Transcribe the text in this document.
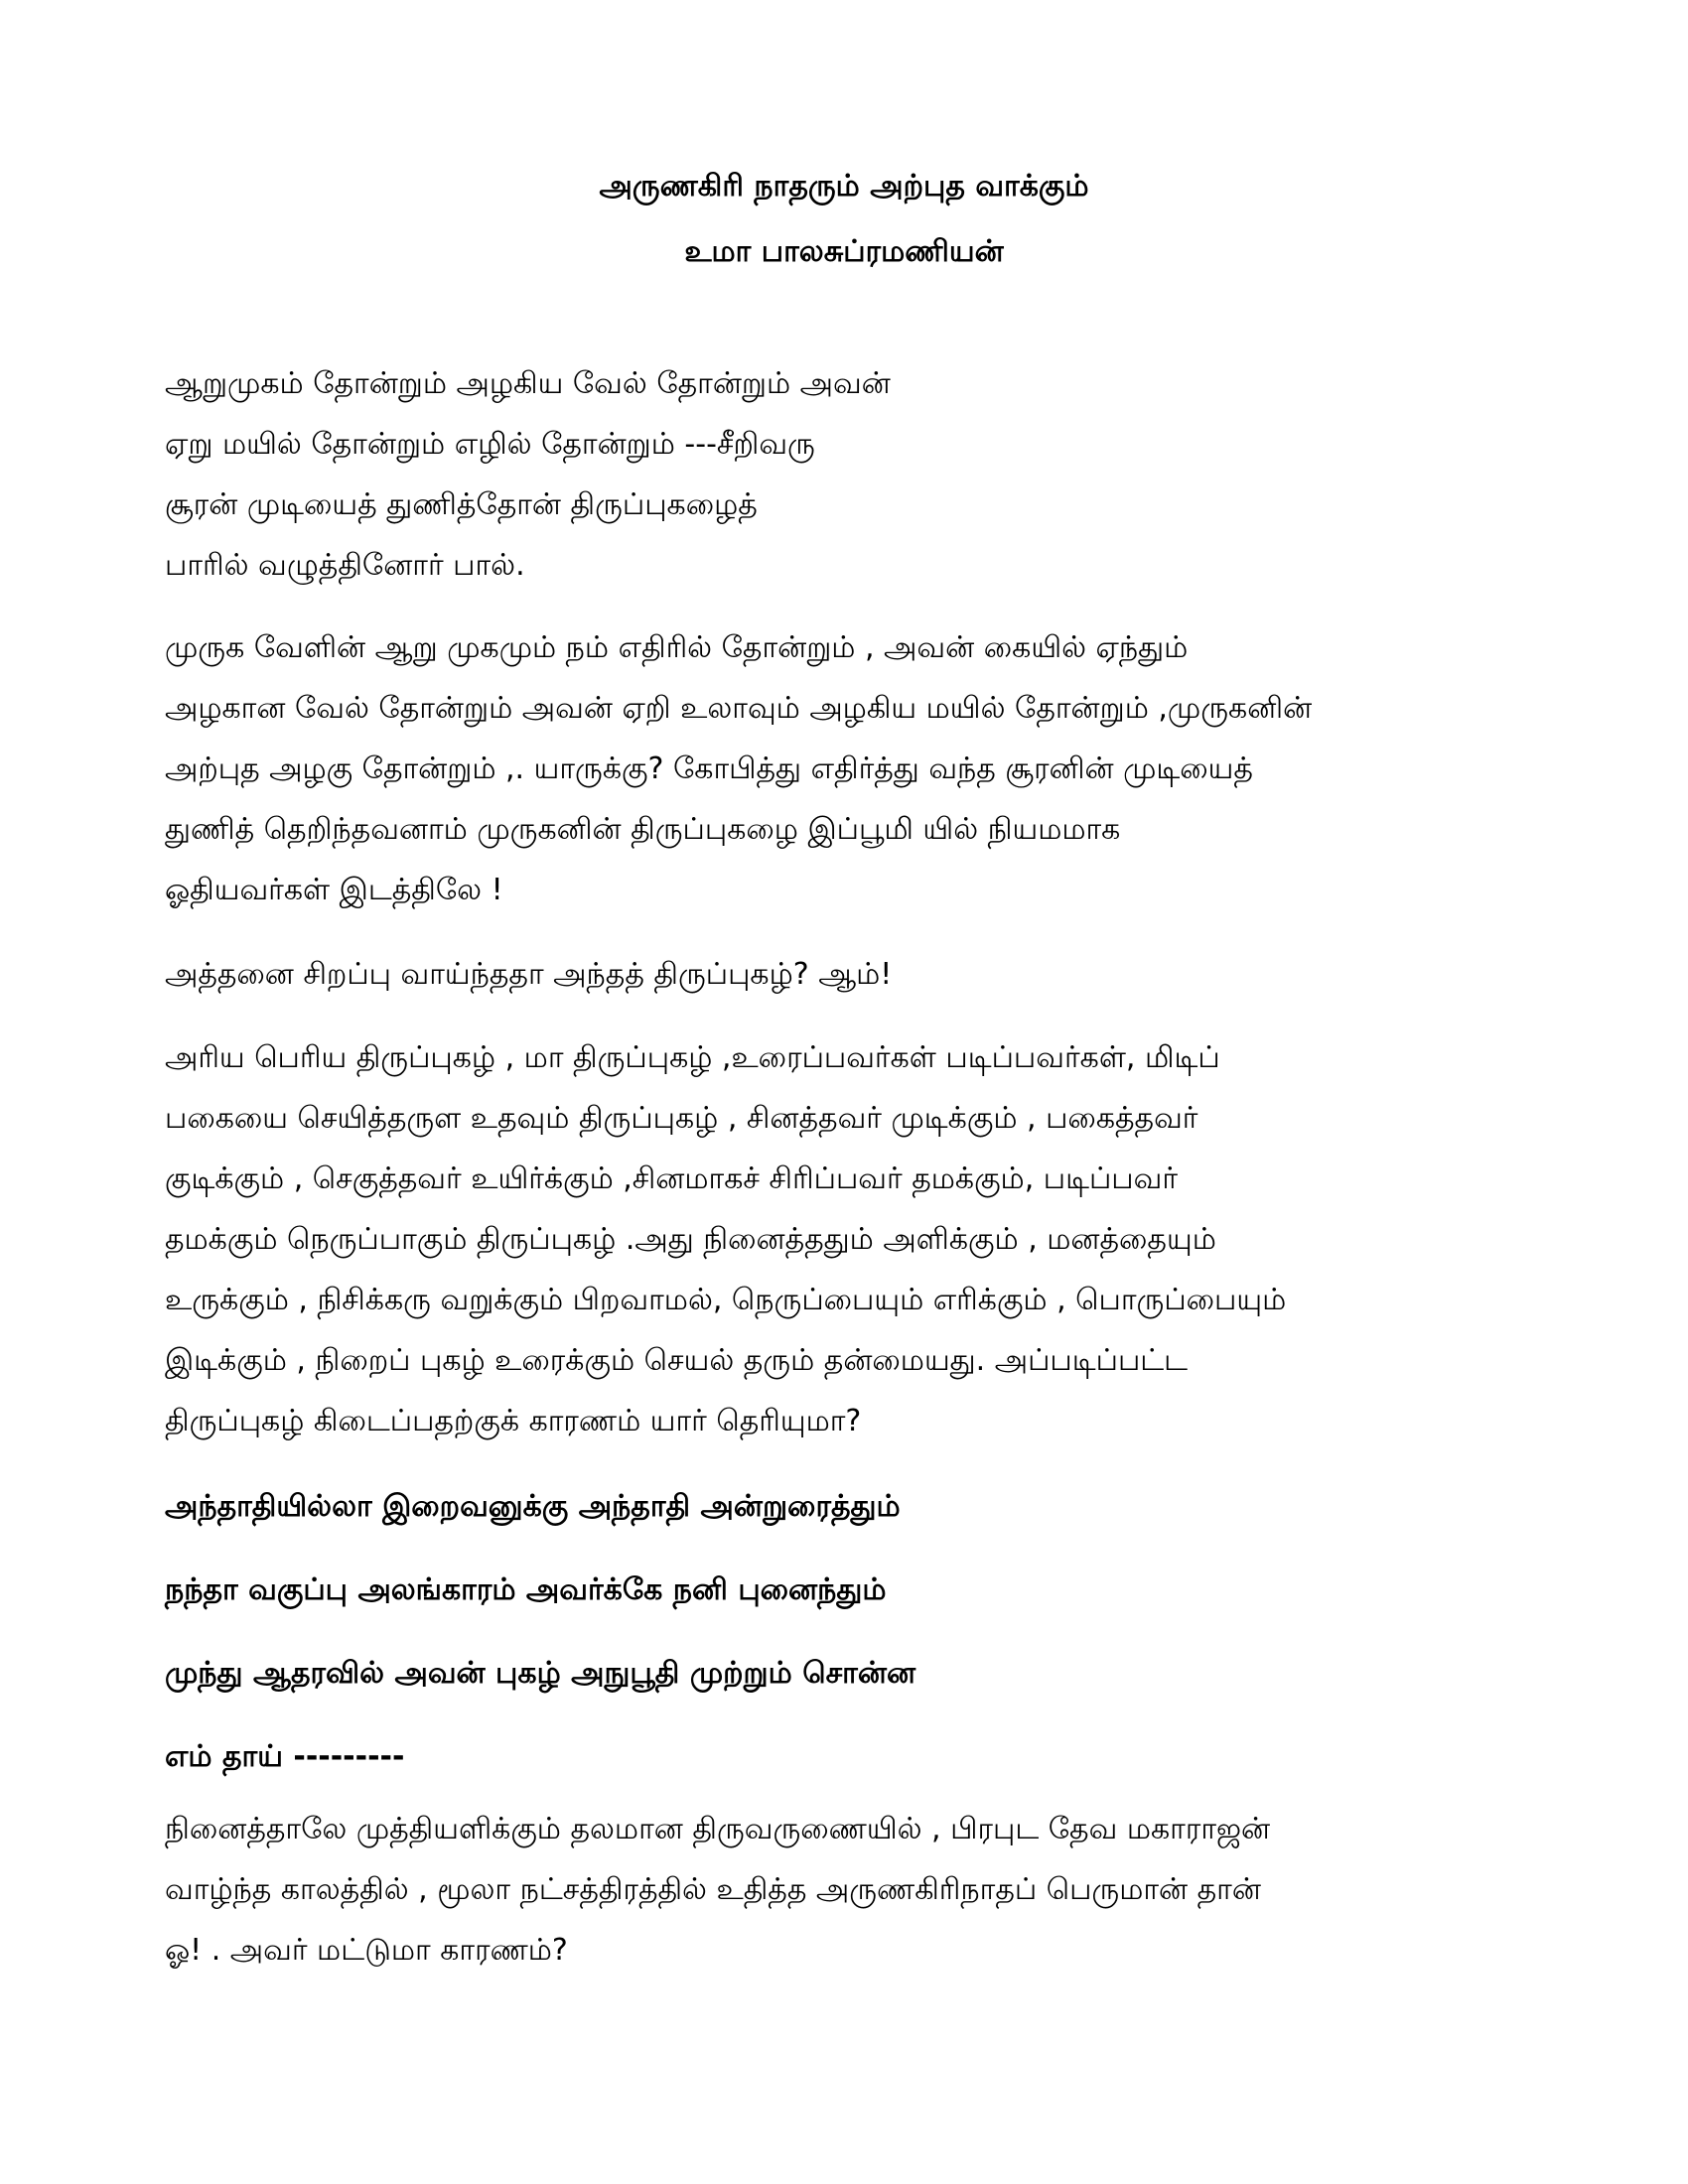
அருணகிரி நாதரும் அற்புத வாக்கும்
உமா பாலசுப்ரமணியன்
ஆறுமுகம் தோன்றும் அழகிய வேல் தோன்றும் அவன்
ஏறு மயில் தோன்றும் எழில் தோன்றும் ---சீறிவரு
சூரன் முடியைத் துணித்தோன் திருப்புகழைத்
பாரில் வழுத்தினோர் பால்.
முருக வேளின் ஆறு முகமும் நம் எதிரில் தோன்றும் , அவன் கையில் ஏந்தும்
அழகான வேல் தோன்றும் அவன் ஏறி உலாவும் அழகிய மயில் தோன்றும் ,முருகனின்
அற்புத அழகு தோன்றும் ,. யாருக்கு? கோபித்து எதிர்த்து வந்த சூரனின் முடியைத்
துணித் தெறிந்தவனாம் முருகனின் திருப்புகழை இப்பூமி யில் நியமமாக
ஓதியவர்கள் இடத்திலே !
அத்தனை சிறப்பு வாய்ந்ததா அந்தத் திருப்புகழ்? ஆம்!
அரிய பெரிய திருப்புகழ் , மா திருப்புகழ் ,உரைப்பவர்கள் படிப்பவர்கள், மிடிப்
பகையை செயித்தருள உதவும் திருப்புகழ் , சினத்தவர் முடிக்கும் , பகைத்தவர்
குடிக்கும் , செகுத்தவர் உயிர்க்கும் ,சினமாகச் சிரிப்பவர் தமக்கும், படிப்பவர்
தமக்கும் நெருப்பாகும் திருப்புகழ் .அது நினைத்ததும் அளிக்கும் , மனத்தையும்
உருக்கும் , நிசிக்கரு வறுக்கும் பிறவாமல், நெருப்பையும் எரிக்கும் , பொருப்பையும்
இடிக்கும் , நிறைப் புகழ் உரைக்கும் செயல் தரும் தன்மையது. அப்படிப்பட்ட
திருப்புகழ் கிடைப்பதற்குக் காரணம் யார் தெரியுமா?
அந்தாதியில்லா இறைவனுக்கு அந்தாதி அன்றுரைத்தும்
நந்தா வகுப்பு அலங்காரம் அவர்க்கே நனி புனைந்தும்
முந்து ஆதரவில் அவன் புகழ் அநுபூதி முற்றும் சொன்ன
எம் தாய் ---------
நினைத்தாலே முத்தியளிக்கும் தலமான திருவருணையில் , பிரபுட தேவ மகாராஜன்
வாழ்ந்த காலத்தில் , மூலா நட்சத்திரத்தில் உதித்த அருணகிரிநாதப் பெருமான் தான்
ஓ! . அவர் மட்டுமா காரணம்?
